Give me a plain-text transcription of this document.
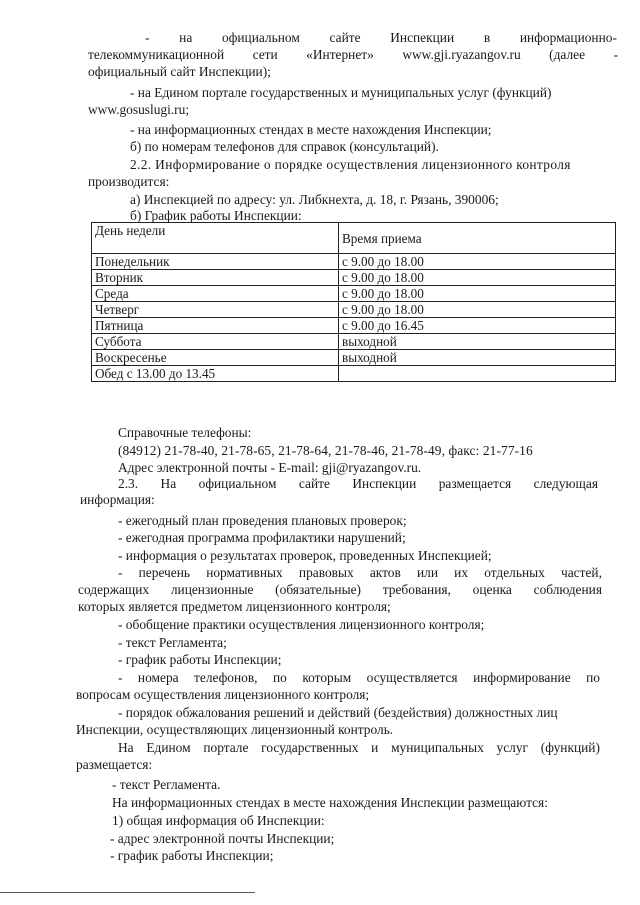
- на официальном сайте Инспекции в информационно-
телекоммуникационной сети «Интернет» www.gji.ryazangov.ru (далее -
официальный сайт Инспекции);
- на Едином портале государственных и муниципальных услуг (функций)
www.gosuslugi.ru;
- на информационных стендах в месте нахождения Инспекции;
б) по номерам телефонов для справок (консультаций).
2.2. Информирование о порядке осуществления лицензионного контроля
производится:
а) Инспекцией по адресу: ул. Либкнехта, д. 18, г. Рязань, 390006;
б) График работы Инспекции:
День недели	Время приема
Понедельник	с 9.00 до 18.00
Вторник	с 9.00 до 18.00
Среда	с 9.00 до 18.00
Четверг	с 9.00 до 18.00
Пятница	с 9.00 до 16.45
Суббота	выходной
Воскресенье	выходной
Обед с 13.00 до 13.45	
Справочные телефоны:
(84912) 21-78-40, 21-78-65, 21-78-64, 21-78-46, 21-78-49, факс: 21-77-16
Адрес электронной почты - E-mail: gji@ryazangov.ru.
2.3. На официальном сайте Инспекции размещается следующая
информация:
- ежегодный план проведения плановых проверок;
- ежегодная программа профилактики нарушений;
- информация о результатах проверок, проведенных Инспекцией;
- перечень нормативных правовых актов или их отдельных частей,
содержащих лицензионные (обязательные) требования, оценка соблюдения
которых является предметом лицензионного контроля;
- обобщение практики осуществления лицензионного контроля;
- текст Регламента;
- график работы Инспекции;
- номера телефонов, по которым осуществляется информирование по
вопросам осуществления лицензионного контроля;
- порядок обжалования решений и действий (бездействия) должностных лиц
Инспекции, осуществляющих лицензионный контроль.
На Едином портале государственных и муниципальных услуг (функций)
размещается:
- текст Регламента.
На информационных стендах в месте нахождения Инспекции размещаются:
1) общая информация об Инспекции:
- адрес электронной почты Инспекции;
- график работы Инспекции;
